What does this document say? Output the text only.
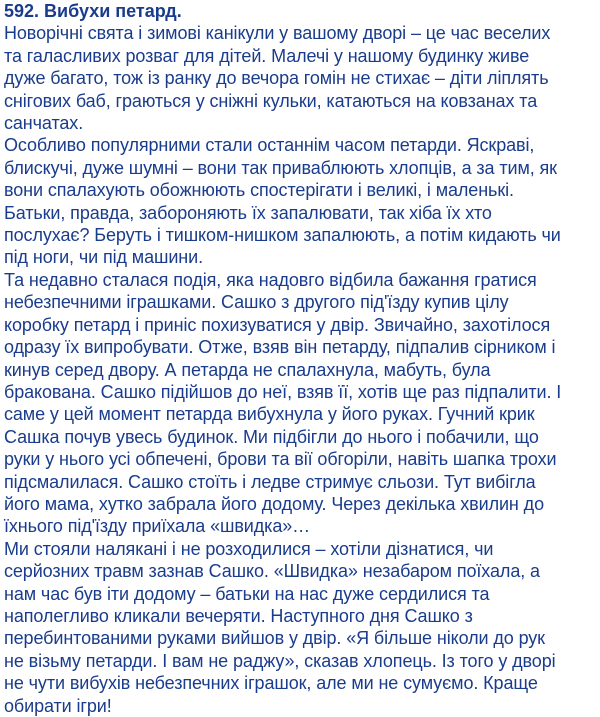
592. Вибухи петард.
Новорічні свята і зимові канікули у вашому дворі – це час веселих
та галасливих розваг для дітей. Малечі у нашому будинку живе
дуже багато, тож із ранку до вечора гомін не стихає – діти ліплять
снігових баб, граються у сніжні кульки, катаються на ковзанах та
санчатах.
Особливо популярними стали останнім часом петарди. Яскраві,
блискучі, дуже шумні – вони так приваблюють хлопців, а за тим, як
вони спалахують обожнюють спостерігати і великі, і маленькі.
Батьки, правда, забороняють їх запалювати, так хіба їх хто
послухає? Беруть і тишком-нишком запалюють, а потім кидають чи
під ноги, чи під машини.
Та недавно сталася подія, яка надовго відбила бажання гратися
небезпечними іграшками. Сашко з другого під'їзду купив цілу
коробку петард і приніс похизуватися у двір. Звичайно, захотілося
одразу їх випробувати. Отже, взяв він петарду, підпалив сірником і
кинув серед двору. А петарда не спалахнула, мабуть, була
бракована. Сашко підійшов до неї, взяв її, хотів ще раз підпалити. І
саме у цей момент петарда вибухнула у його руках. Гучний крик
Сашка почув увесь будинок. Ми підбігли до нього і побачили, що
руки у нього усі обпечені, брови та вії обгоріли, навіть шапка трохи
підсмалилася. Сашко стоїть і ледве стримує сльози. Тут вибігла
його мама, хутко забрала його додому. Через декілька хвилин до
їхнього під'їзду приїхала «швидка»…
Ми стояли налякані і не розходилися – хотіли дізнатися, чи
серйозних травм зазнав Сашко. «Швидка» незабаром поїхала, а
нам час був іти додому – батьки на нас дуже сердилися та
наполегливо кликали вечеряти. Наступного дня Сашко з
перебинтованими руками вийшов у двір. «Я більше ніколи до рук
не візьму петарди. І вам не раджу», сказав хлопець. Із того у дворі
не чути вибухів небезпечних іграшок, але ми не сумуємо. Краще
обирати ігри!
